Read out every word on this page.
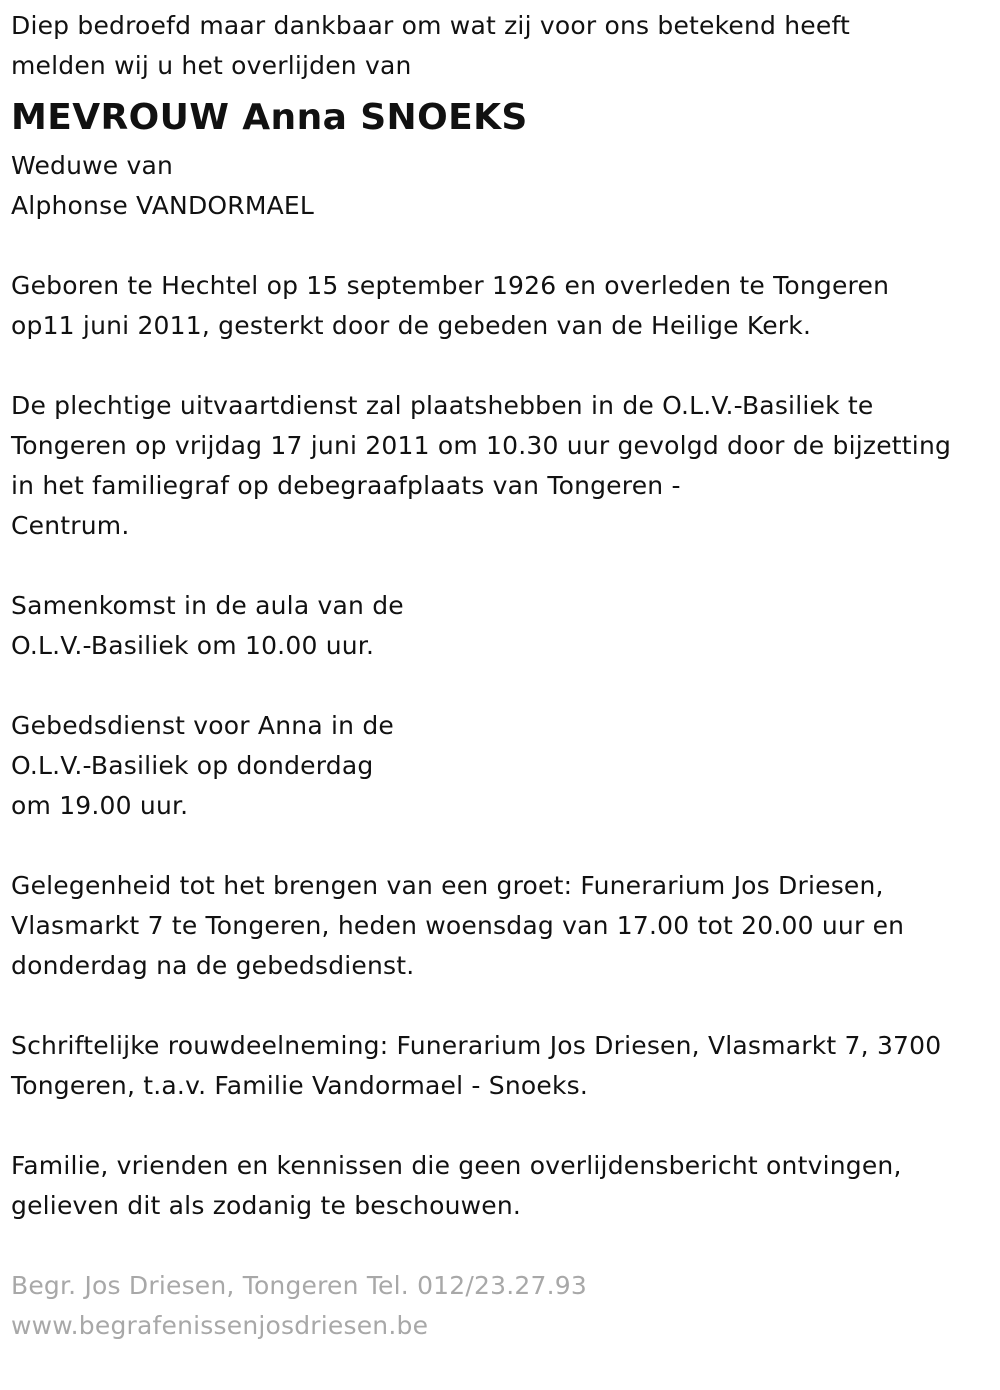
Diep bedroefd maar dankbaar om wat zij voor ons betekend heeft
melden wij u het overlijden van
MEVROUW Anna SNOEKS
Weduwe van
Alphonse VANDORMAEL
Geboren te Hechtel op 15 september 1926 en overleden te Tongeren
op11 juni 2011, gesterkt door de gebeden van de Heilige Kerk.
De plechtige uitvaartdienst zal plaatshebben in de O.L.V.-Basiliek te
Tongeren op vrijdag 17 juni 2011 om 10.30 uur gevolgd door de bijzetting
in het familiegraf op debegraafplaats van Tongeren -
Centrum.
Samenkomst in de aula van de
O.L.V.-Basiliek om 10.00 uur.
Gebedsdienst voor Anna in de
O.L.V.-Basiliek op donderdag
om 19.00 uur.
Gelegenheid tot het brengen van een groet: Funerarium Jos Driesen,
Vlasmarkt 7 te Tongeren, heden woensdag van 17.00 tot 20.00 uur en
donderdag na de gebedsdienst.
Schriftelijke rouwdeelneming: Funerarium Jos Driesen, Vlasmarkt 7, 3700
Tongeren, t.a.v. Familie Vandormael - Snoeks.
Familie, vrienden en kennissen die geen overlijdensbericht ontvingen,
gelieven dit als zodanig te beschouwen.
Begr. Jos Driesen, Tongeren Tel. 012/23.27.93
www.begrafenissenjosdriesen.be
